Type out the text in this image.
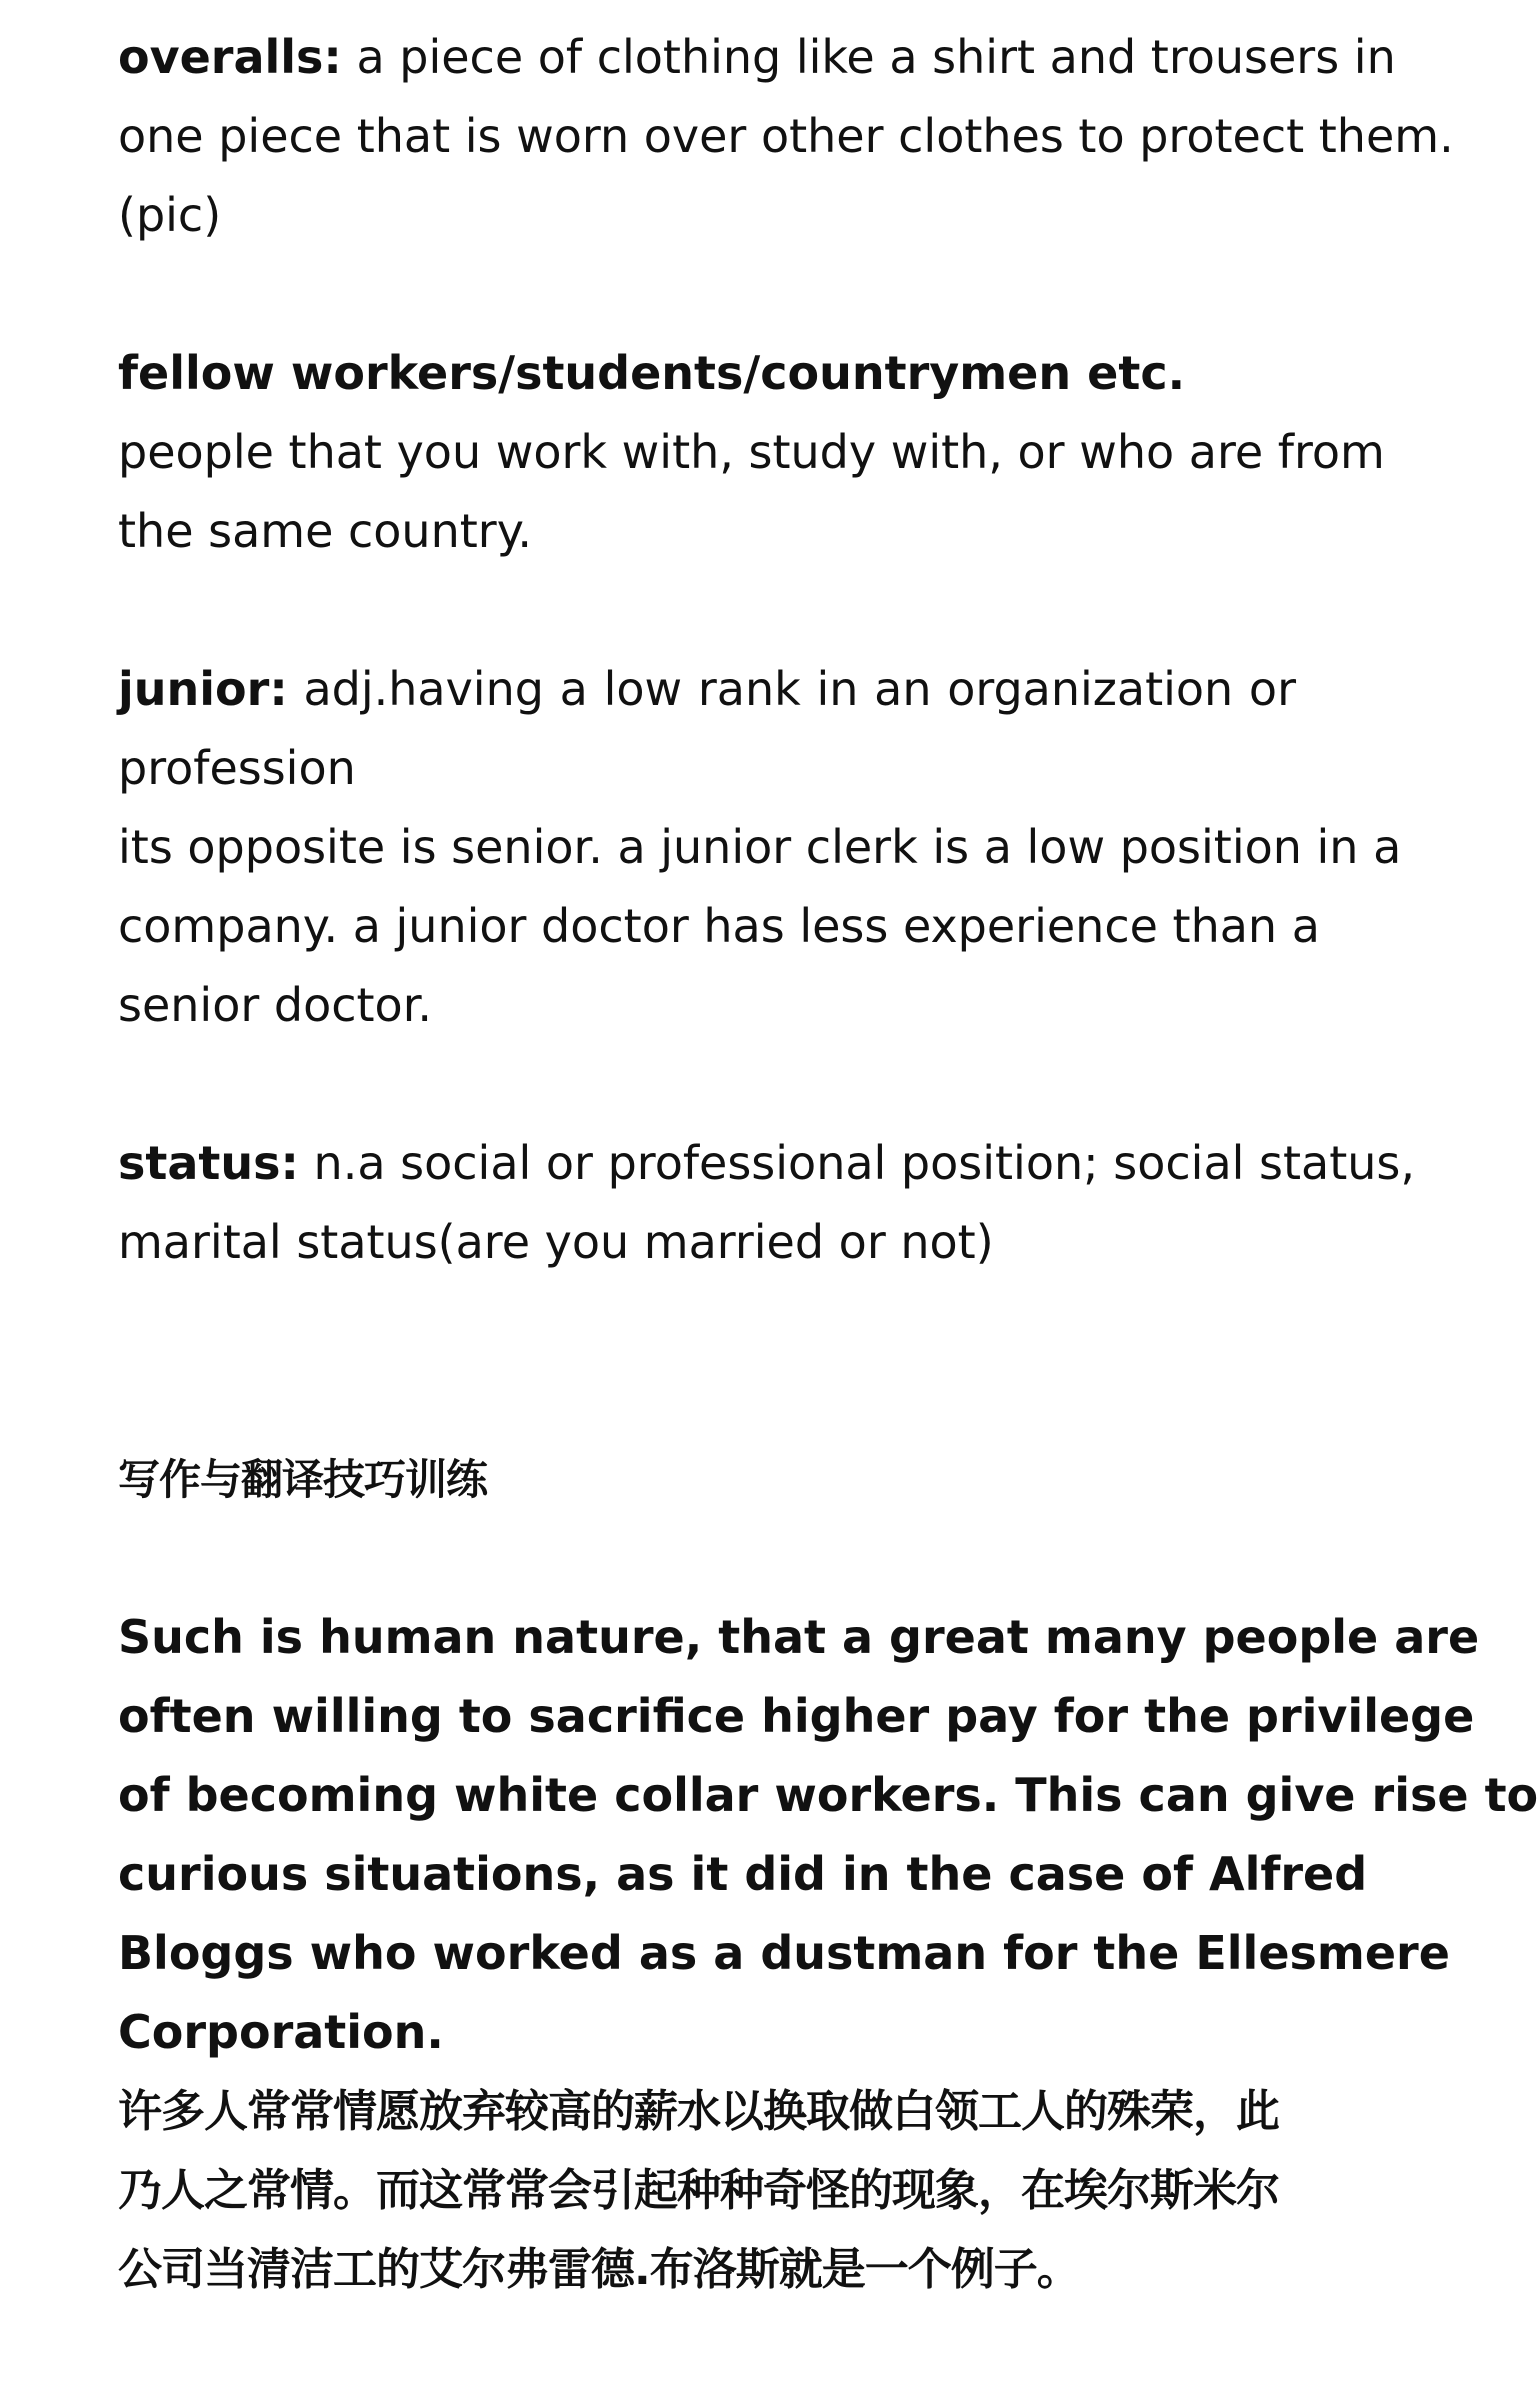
overalls: a piece of clothing like a shirt and trousers in
one piece that is worn over other clothes to protect them.
(pic)
fellow workers/students/countrymen etc.
people that you work with, study with, or who are from
the same country.
junior: adj.having a low rank in an organization or
profession
its opposite is senior. a junior clerk is a low position in a
company. a junior doctor has less experience than a
senior doctor.
status: n.a social or professional position; social status,
marital status(are you married or not)
写作与翻译技巧训练
Such is human nature, that a great many people are
often willing to sacrifice higher pay for the privilege
of becoming white collar workers. This can give rise to
curious situations, as it did in the case of Alfred
Bloggs who worked as a dustman for the Ellesmere
Corporation.
许多人常常情愿放弃较高的薪水以换取做白领工人的殊荣，此
乃人之常情。而这常常会引起种种奇怪的现象，在埃尔斯米尔
公司当清洁工的艾尔弗雷德.布洛斯就是一个例子。
